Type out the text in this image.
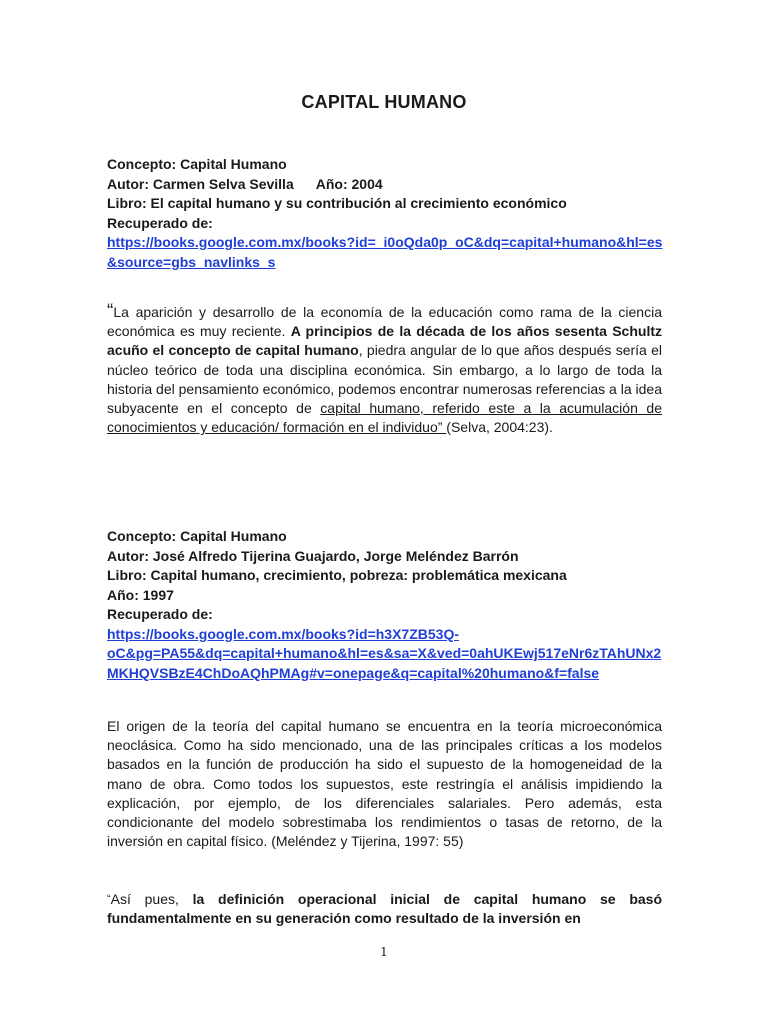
CAPITAL HUMANO
Concepto: Capital Humano
Autor: Carmen Selva Sevilla Año: 2004
Libro: El capital humano y su contribución al crecimiento económico
Recuperado de:
https://books.google.com.mx/books?id=_i0oQda0p_oC&dq=capital+humano&hl=es
&source=gbs_navlinks_s
“La aparición y desarrollo de la economía de la educación como rama de la ciencia económica es muy reciente. A principios de la década de los años sesenta Schultz acuño el concepto de capital humano, piedra angular de lo que años después sería el núcleo teórico de toda una disciplina económica. Sin embargo, a lo largo de toda la historia del pensamiento económico, podemos encontrar numerosas referencias a la idea subyacente en el concepto de capital humano, referido este a la acumulación de conocimientos y educación/ formación en el individuo” (Selva, 2004:23).
Concepto: Capital Humano
Autor: José Alfredo Tijerina Guajardo, Jorge Meléndez Barrón
Libro: Capital humano, crecimiento, pobreza: problemática mexicana
Año: 1997
Recuperado de:
https://books.google.com.mx/books?id=h3X7ZB53Q-
oC&pg=PA55&dq=capital+humano&hl=es&sa=X&ved=0ahUKEwj517eNr6zTAhUNx2
MKHQVSBzE4ChDoAQhPMAg#v=onepage&q=capital%20humano&f=false
El origen de la teoría del capital humano se encuentra en la teoría microeconómica neoclásica. Como ha sido mencionado, una de las principales críticas a los modelos basados en la función de producción ha sido el supuesto de la homogeneidad de la mano de obra. Como todos los supuestos, este restringía el análisis impidiendo la explicación, por ejemplo, de los diferenciales salariales. Pero además, esta condicionante del modelo sobrestimaba los rendimientos o tasas de retorno, de la inversión en capital físico. (Meléndez y Tijerina, 1997: 55)
“Así pues, la definición operacional inicial de capital humano se basó fundamentalmente en su generación como resultado de la inversión en
1
